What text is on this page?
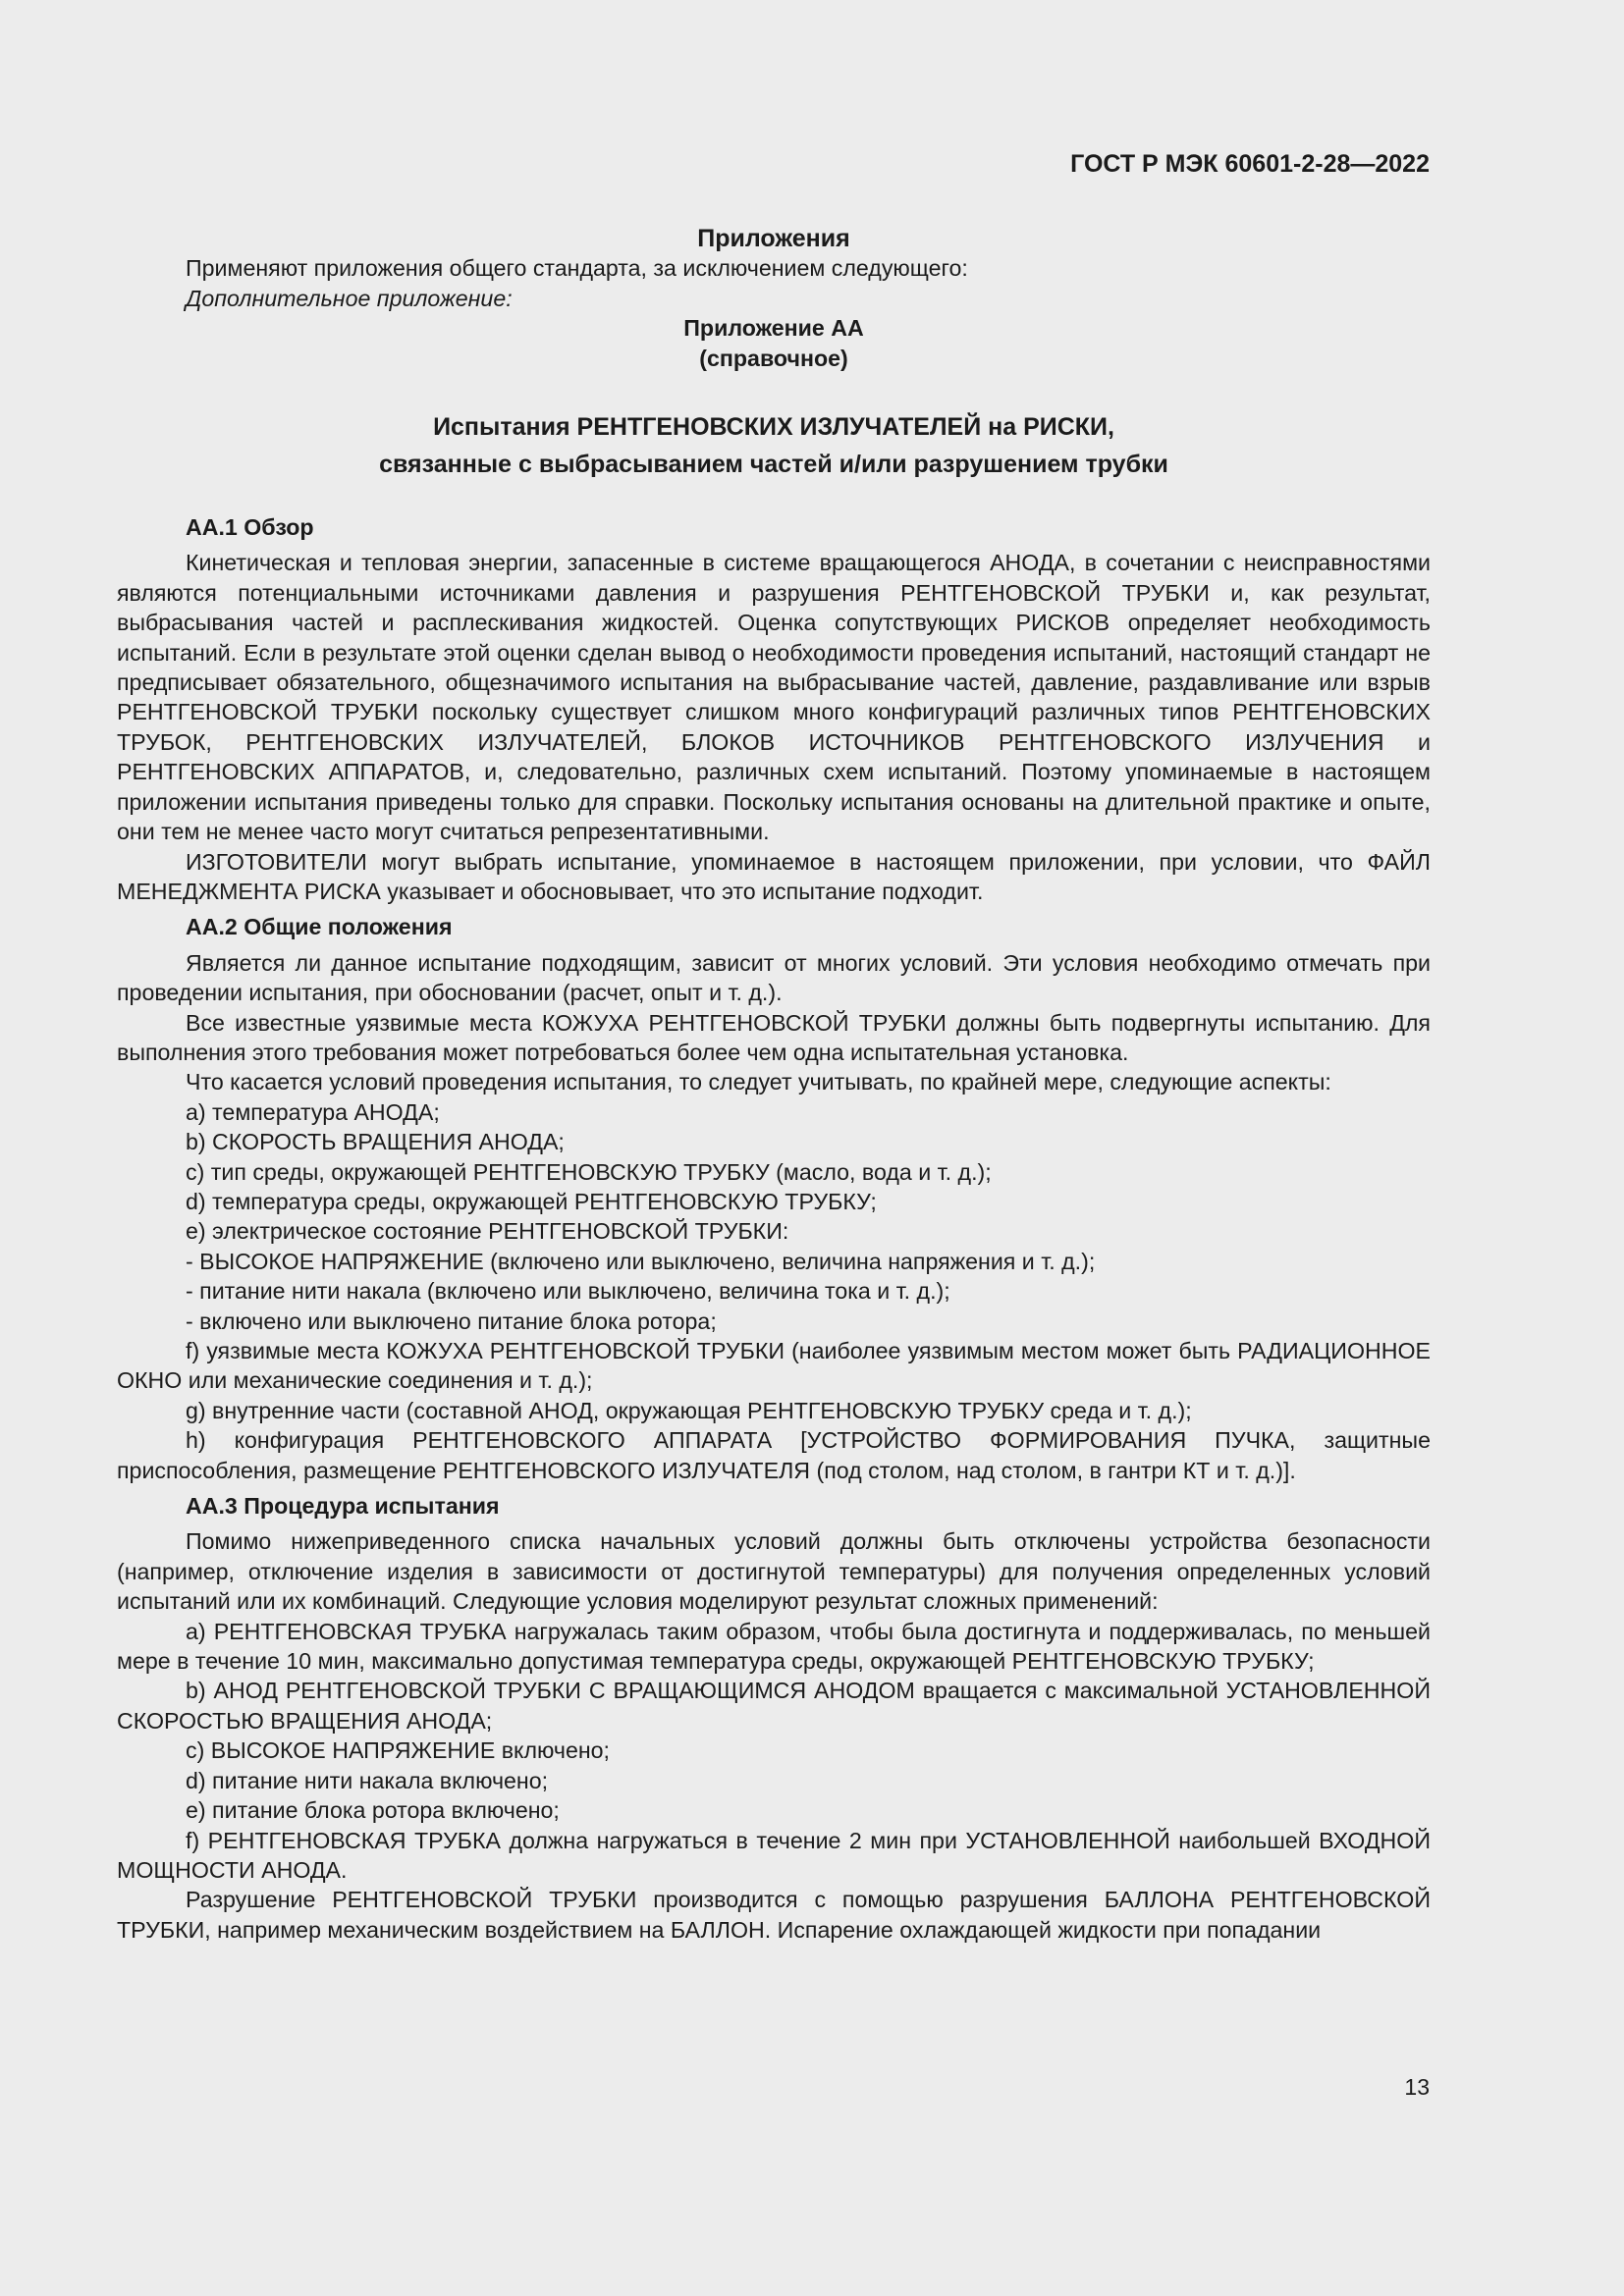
ГОСТ Р МЭК 60601-2-28—2022
Приложения

Применяют приложения общего стандарта, за исключением следующего:

Дополнительное приложение:

Приложение АА

(справочное)

Испытания РЕНТГЕНОВСКИХ ИЗЛУЧАТЕЛЕЙ на РИСКИ,
связанные с выбрасыванием частей и/или разрушением трубки

АА.1 Обзор

Кинетическая и тепловая энергии, запасенные в системе вращающегося АНОДА, в сочетании с неисправностями являются потенциальными источниками давления и разрушения РЕНТГЕНОВСКОЙ ТРУБКИ и, как результат, выбрасывания частей и расплескивания жидкостей. Оценка сопутствующих РИСКОВ определяет необходимость испытаний. Если в результате этой оценки сделан вывод о необходимости проведения испытаний, настоящий стандарт не предписывает обязательного, общезначимого испытания на выбрасывание частей, давление, раздавливание или взрыв РЕНТГЕНОВСКОЙ ТРУБКИ поскольку существует слишком много конфигураций различных типов РЕНТГЕНОВСКИХ ТРУБОК, РЕНТГЕНОВСКИХ ИЗЛУЧАТЕЛЕЙ, БЛОКОВ ИСТОЧНИКОВ РЕНТГЕНОВСКОГО ИЗЛУЧЕНИЯ и РЕНТГЕНОВСКИХ АППАРАТОВ, и, следовательно, различных схем испытаний. Поэтому упоминаемые в настоящем приложении испытания приведены только для справки. Поскольку испытания основаны на длительной практике и опыте, они тем не менее часто могут считаться репрезентативными.

ИЗГОТОВИТЕЛИ могут выбрать испытание, упоминаемое в настоящем приложении, при условии, что ФАЙЛ МЕНЕДЖМЕНТА РИСКА указывает и обосновывает, что это испытание подходит.

АА.2 Общие положения

Является ли данное испытание подходящим, зависит от многих условий. Эти условия необходимо отмечать при проведении испытания, при обосновании (расчет, опыт и т. д.).

Все известные уязвимые места КОЖУХА РЕНТГЕНОВСКОЙ ТРУБКИ должны быть подвергнуты испытанию. Для выполнения этого требования может потребоваться более чем одна испытательная установка.

Что касается условий проведения испытания, то следует учитывать, по крайней мере, следующие аспекты:

a) температура АНОДА;

b) СКОРОСТЬ ВРАЩЕНИЯ АНОДА;

c) тип среды, окружающей РЕНТГЕНОВСКУЮ ТРУБКУ (масло, вода и т. д.);

d) температура среды, окружающей РЕНТГЕНОВСКУЮ ТРУБКУ;

e) электрическое состояние РЕНТГЕНОВСКОЙ ТРУБКИ:

- ВЫСОКОЕ НАПРЯЖЕНИЕ (включено или выключено, величина напряжения и т. д.);

- питание нити накала (включено или выключено, величина тока и т. д.);

- включено или выключено питание блока ротора;

f) уязвимые места КОЖУХА РЕНТГЕНОВСКОЙ ТРУБКИ (наиболее уязвимым местом может быть РАДИАЦИОННОЕ ОКНО или механические соединения и т. д.);

g) внутренние части (составной АНОД, окружающая РЕНТГЕНОВСКУЮ ТРУБКУ среда и т. д.);

h) конфигурация РЕНТГЕНОВСКОГО АППАРАТА [УСТРОЙСТВО ФОРМИРОВАНИЯ ПУЧКА, защитные приспособления, размещение РЕНТГЕНОВСКОГО ИЗЛУЧАТЕЛЯ (под столом, над столом, в гантри КТ и т. д.)].

АА.3 Процедура испытания

Помимо нижеприведенного списка начальных условий должны быть отключены устройства безопасности (например, отключение изделия в зависимости от достигнутой температуры) для получения определенных условий испытаний или их комбинаций. Следующие условия моделируют результат сложных применений:

a) РЕНТГЕНОВСКАЯ ТРУБКА нагружалась таким образом, чтобы была достигнута и поддерживалась, по меньшей мере в течение 10 мин, максимально допустимая температура среды, окружающей РЕНТГЕНОВСКУЮ ТРУБКУ;

b) АНОД РЕНТГЕНОВСКОЙ ТРУБКИ С ВРАЩАЮЩИМСЯ АНОДОМ вращается с максимальной УСТАНОВЛЕННОЙ СКОРОСТЬЮ ВРАЩЕНИЯ АНОДА;

c) ВЫСОКОЕ НАПРЯЖЕНИЕ включено;

d) питание нити накала включено;

e) питание блока ротора включено;

f) РЕНТГЕНОВСКАЯ ТРУБКА должна нагружаться в течение 2 мин при УСТАНОВЛЕННОЙ наибольшей ВХОДНОЙ МОЩНОСТИ АНОДА.

Разрушение РЕНТГЕНОВСКОЙ ТРУБКИ производится с помощью разрушения БАЛЛОНА РЕНТГЕНОВСКОЙ ТРУБКИ, например механическим воздействием на БАЛЛОН. Испарение охлаждающей жидкости при попадании

13
